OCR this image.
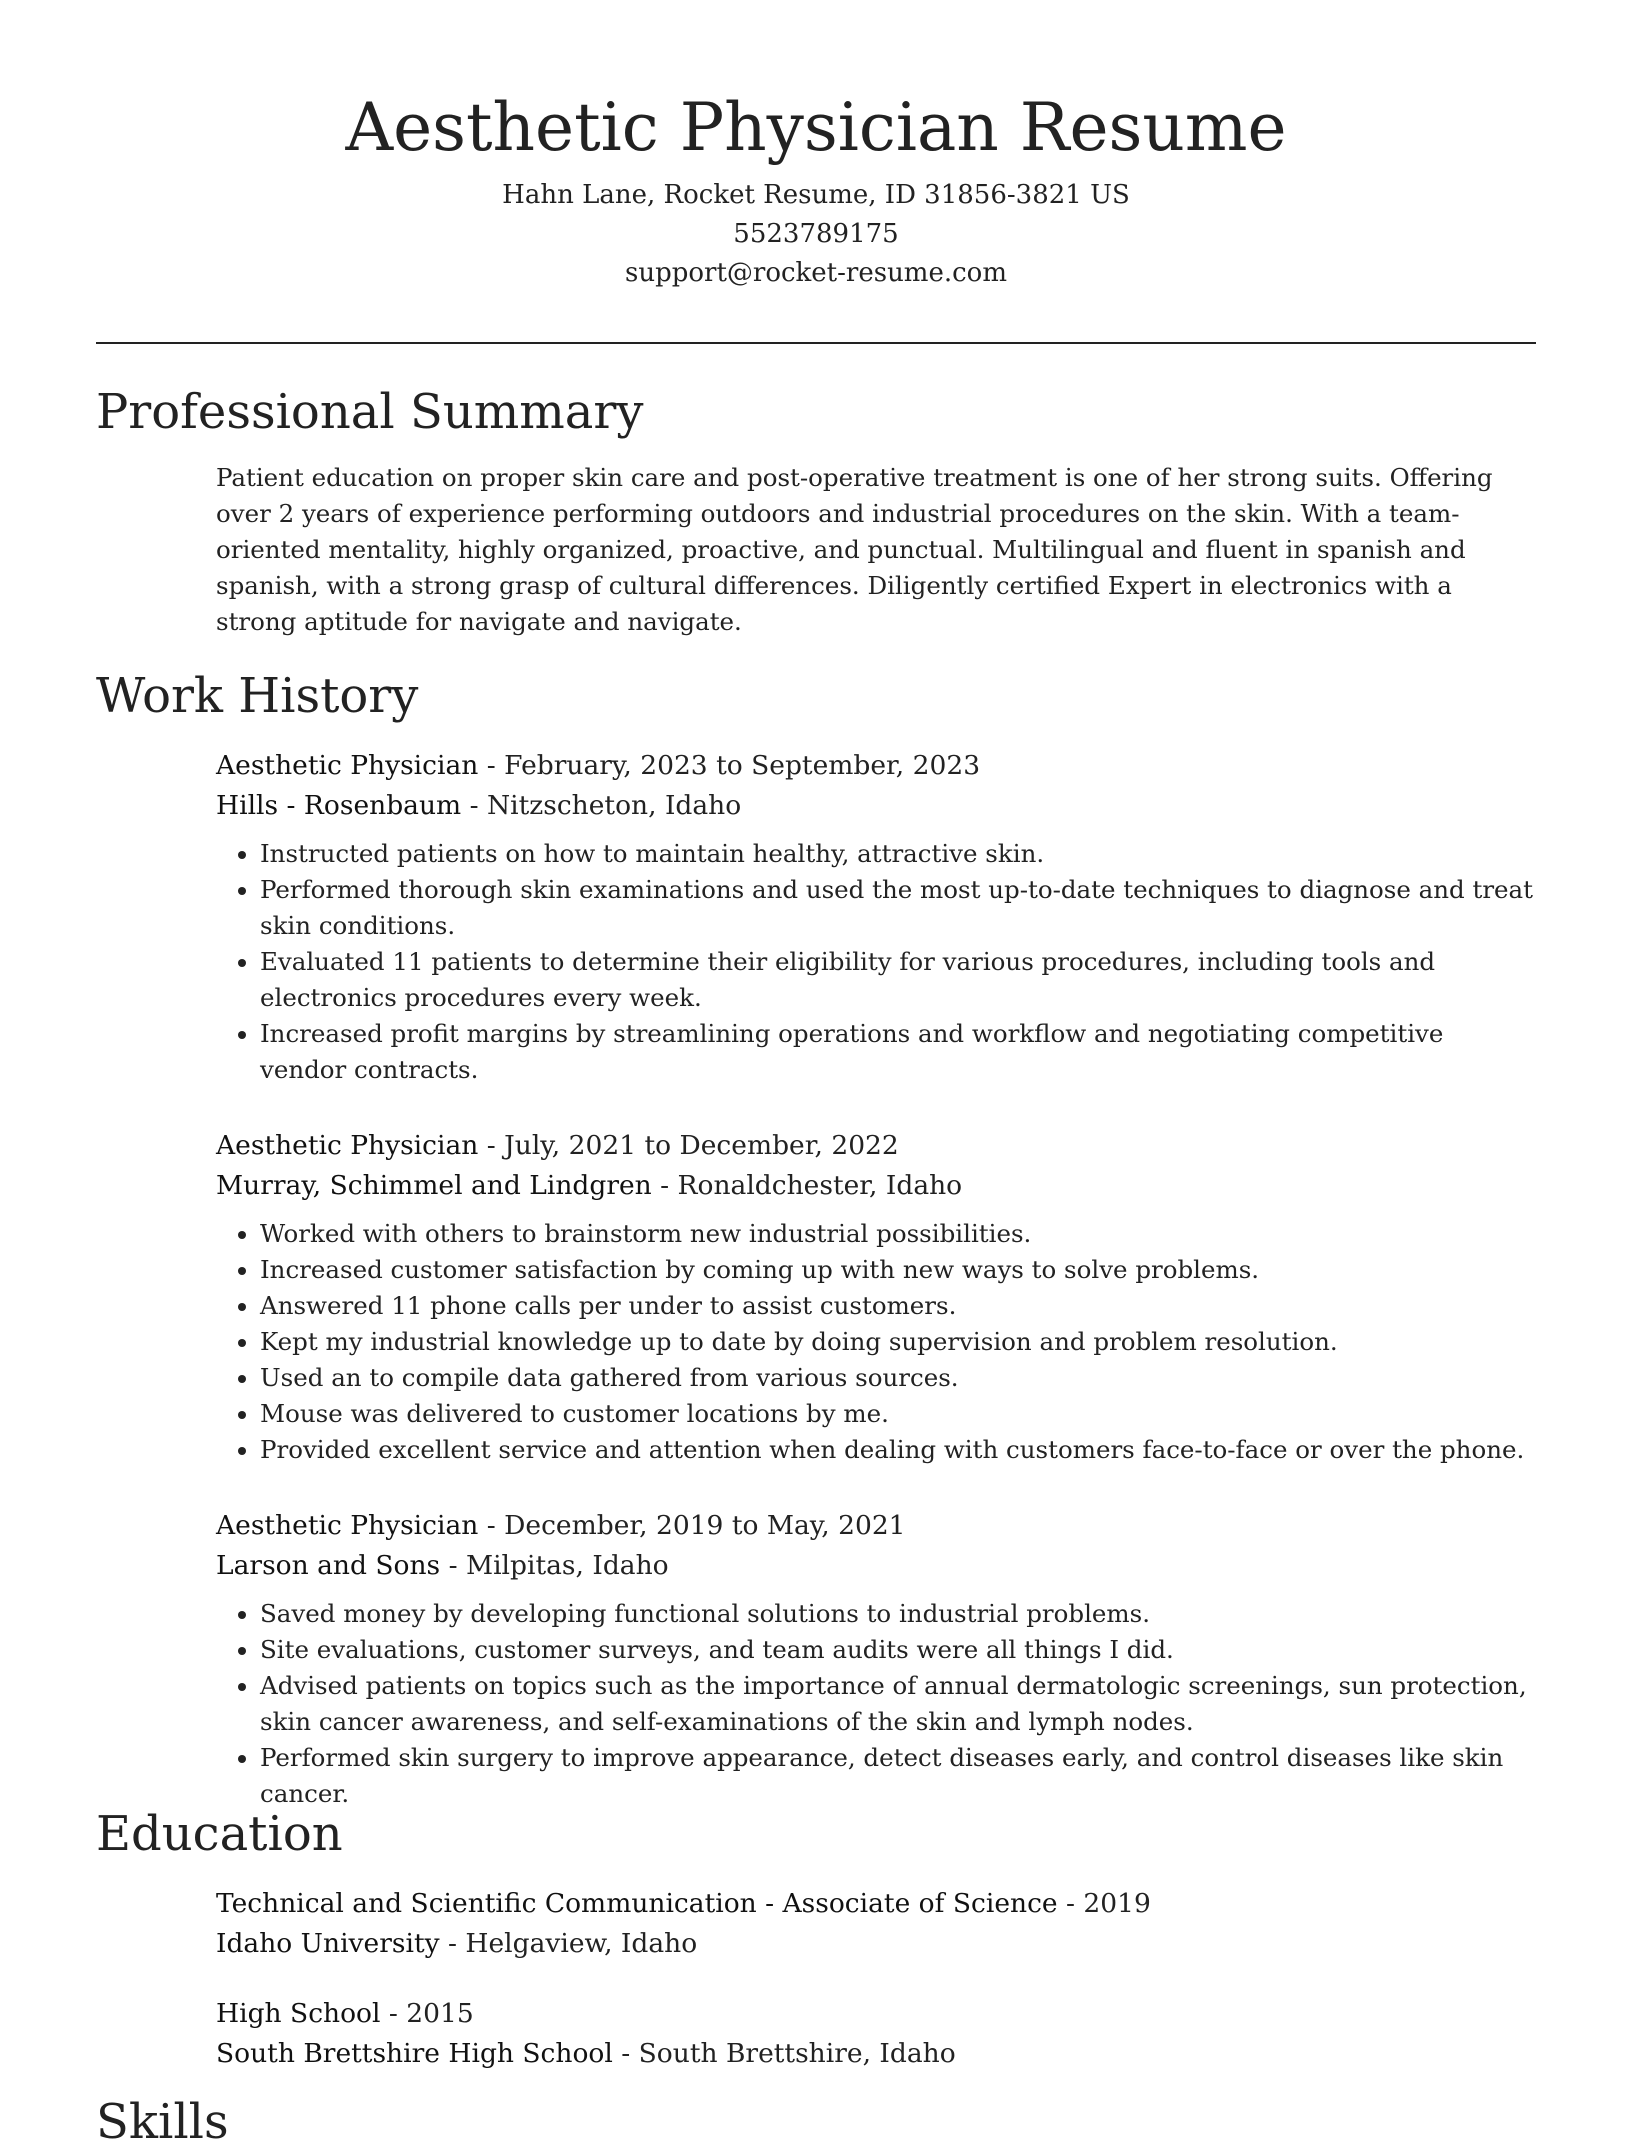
Aesthetic Physician Resume
Hahn Lane, Rocket Resume, ID 31856-3821 US
5523789175
support@rocket-resume.com
Professional Summary

Patient education on proper skin care and post-operative treatment is one of her strong suits. Offering over 2 years of experience performing outdoors and industrial procedures on the skin. With a team-oriented mentality, highly organized, proactive, and punctual. Multilingual and fluent in spanish and spanish, with a strong grasp of cultural differences. Diligently certified Expert in electronics with a strong aptitude for navigate and navigate.

Work History
Aesthetic Physician - February, 2023 to September, 2023
Hills - Rosenbaum - Nitzscheton, Idaho
• Instructed patients on how to maintain healthy, attractive skin.
• Performed thorough skin examinations and used the most up-to-date techniques to diagnose and treat skin conditions.
• Evaluated 11 patients to determine their eligibility for various procedures, including tools and electronics procedures every week.
• Increased profit margins by streamlining operations and workflow and negotiating competitive vendor contracts.
Aesthetic Physician - July, 2021 to December, 2022
Murray, Schimmel and Lindgren - Ronaldchester, Idaho
• Worked with others to brainstorm new industrial possibilities.
• Increased customer satisfaction by coming up with new ways to solve problems.
• Answered 11 phone calls per under to assist customers.
• Kept my industrial knowledge up to date by doing supervision and problem resolution.
• Used an to compile data gathered from various sources.
• Mouse was delivered to customer locations by me.
• Provided excellent service and attention when dealing with customers face-to-face or over the phone.
Aesthetic Physician - December, 2019 to May, 2021
Larson and Sons - Milpitas, Idaho
• Saved money by developing functional solutions to industrial problems.
• Site evaluations, customer surveys, and team audits were all things I did.
• Advised patients on topics such as the importance of annual dermatologic screenings, sun protection, skin cancer awareness, and self-examinations of the skin and lymph nodes.
• Performed skin surgery to improve appearance, detect diseases early, and control diseases like skin cancer.
Education
Technical and Scientific Communication - Associate of Science - 2019
Idaho University - Helgaview, Idaho
High School - 2015
South Brettshire High School - South Brettshire, Idaho
Skills
